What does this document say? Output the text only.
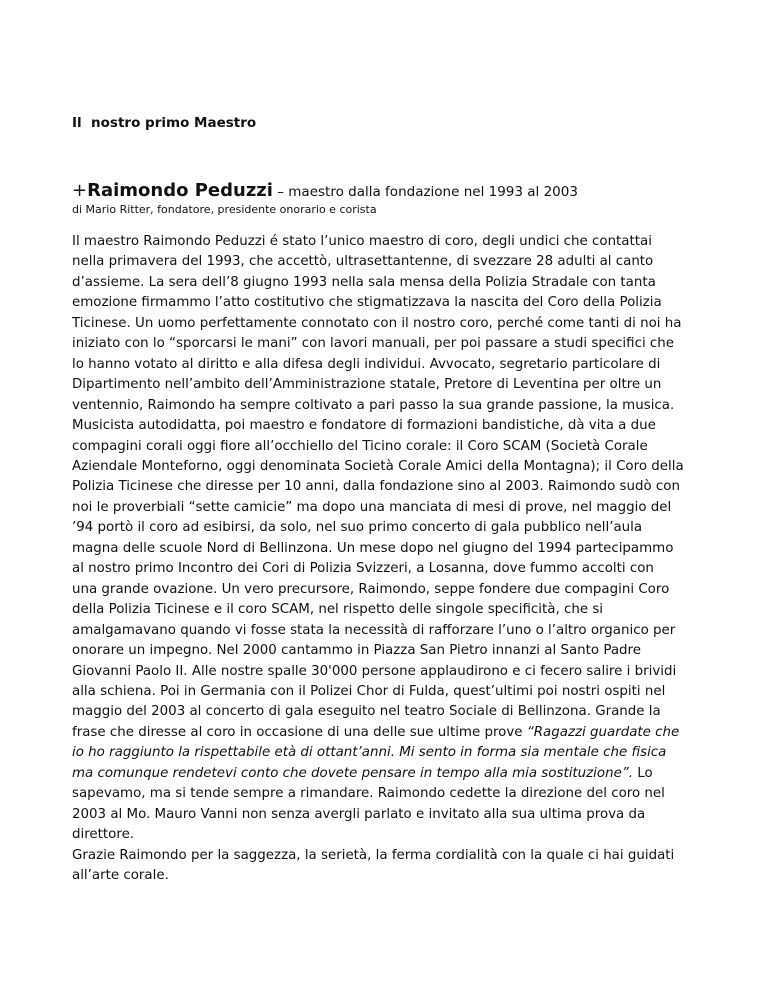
Il  nostro primo Maestro
+Raimondo Peduzzi – maestro dalla fondazione nel 1993 al 2003
di Mario Ritter, fondatore, presidente onorario e corista
Il maestro Raimondo Peduzzi é stato l’unico maestro di coro, degli undici che contattai
nella primavera del 1993, che accettò, ultrasettantenne, di svezzare 28 adulti al canto
d’assieme. La sera dell’8 giugno 1993 nella sala mensa della Polizia Stradale con tanta
emozione firmammo l’atto costitutivo che stigmatizzava la nascita del Coro della Polizia
Ticinese. Un uomo perfettamente connotato con il nostro coro, perché come tanti di noi ha
iniziato con lo “sporcarsi le mani” con lavori manuali, per poi passare a studi specifici che
lo hanno votato al diritto e alla difesa degli individui. Avvocato, segretario particolare di
Dipartimento nell’ambito dell’Amministrazione statale, Pretore di Leventina per oltre un
ventennio, Raimondo ha sempre coltivato a pari passo la sua grande passione, la musica.
Musicista autodidatta, poi maestro e fondatore di formazioni bandistiche, dà vita a due
compagini corali oggi fiore all’occhiello del Ticino corale: il Coro SCAM (Società Corale
Aziendale Monteforno, oggi denominata Società Corale Amici della Montagna); il Coro della
Polizia Ticinese che diresse per 10 anni, dalla fondazione sino al 2003. Raimondo sudò con
noi le proverbiali “sette camicie” ma dopo una manciata di mesi di prove, nel maggio del
’94 portò il coro ad esibirsi, da solo, nel suo primo concerto di gala pubblico nell’aula
magna delle scuole Nord di Bellinzona. Un mese dopo nel giugno del 1994 partecipammo
al nostro primo Incontro dei Cori di Polizia Svizzeri, a Losanna, dove fummo accolti con
una grande ovazione. Un vero precursore, Raimondo, seppe fondere due compagini Coro
della Polizia Ticinese e il coro SCAM, nel rispetto delle singole specificità, che si
amalgamavano quando vi fosse stata la necessità di rafforzare l’uno o l’altro organico per
onorare un impegno. Nel 2000 cantammo in Piazza San Pietro innanzi al Santo Padre
Giovanni Paolo II. Alle nostre spalle 30'000 persone applaudirono e ci fecero salire i brividi
alla schiena. Poi in Germania con il Polizei Chor di Fulda, quest’ultimi poi nostri ospiti nel
maggio del 2003 al concerto di gala eseguito nel teatro Sociale di Bellinzona. Grande la
frase che diresse al coro in occasione di una delle sue ultime prove “Ragazzi guardate che
io ho raggiunto la rispettabile età di ottant’anni. Mi sento in forma sia mentale che fisica
ma comunque rendetevi conto che dovete pensare in tempo alla mia sostituzione”. Lo
sapevamo, ma si tende sempre a rimandare. Raimondo cedette la direzione del coro nel
2003 al Mo. Mauro Vanni non senza avergli parlato e invitato alla sua ultima prova da
direttore.
Grazie Raimondo per la saggezza, la serietà, la ferma cordialità con la quale ci hai guidati
all’arte corale.
